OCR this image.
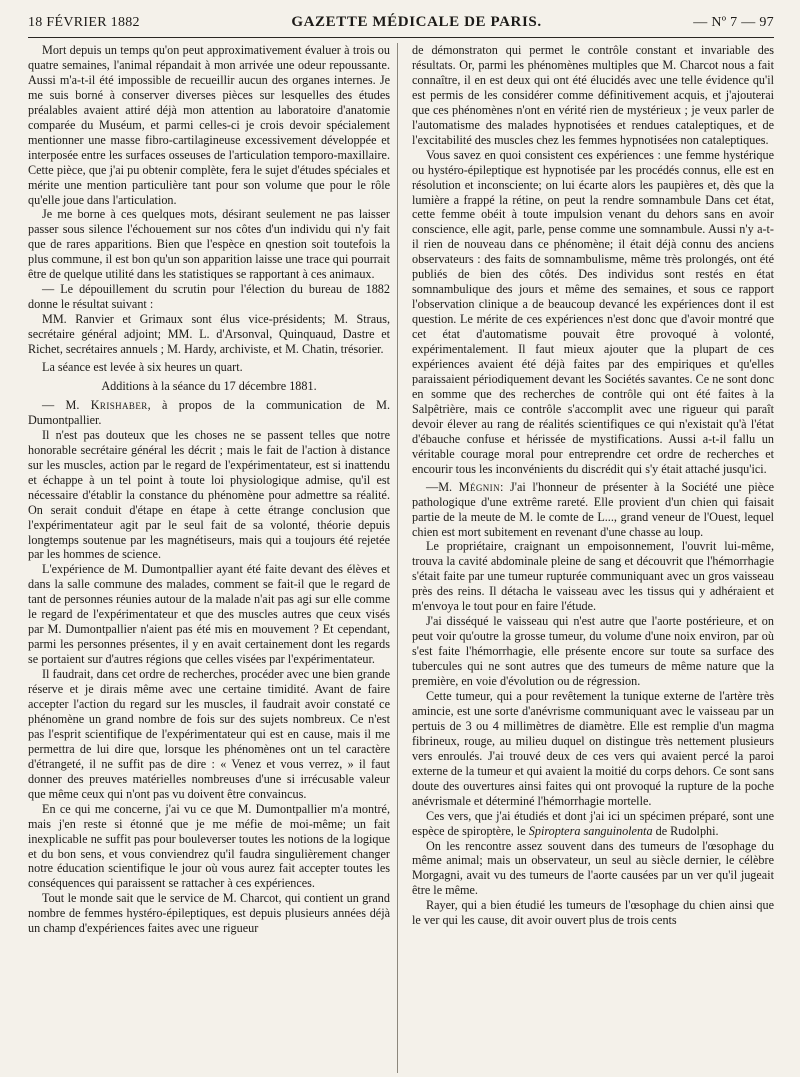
18 FÉVRIER 1882	GAZETTE MÉDICALE DE PARIS.	— Nº 7 — 97

Mort depuis un temps qu'on peut approximativement évaluer à trois ou quatre semaines, l'animal répandait à mon arrivée une odeur repoussante. Aussi m'a-t-il été impossible de recueillir aucun des organes internes. Je me suis borné à conserver diverses pièces sur lesquelles des études préalables avaient attiré déjà mon attention au laboratoire d'anatomie comparée du Muséum, et parmi celles-ci je crois devoir spécialement mentionner une masse fibro-cartilagineuse excessivement développée et interposée entre les surfaces osseuses de l'articulation temporo-maxillaire. Cette pièce, que j'ai pu obtenir complète, fera le sujet d'études spéciales et mérite une mention particulière tant pour son volume que pour le rôle qu'elle joue dans l'articulation.

Je me borne à ces quelques mots, désirant seulement ne pas laisser passer sous silence l'échouement sur nos côtes d'un individu qui n'y fait que de rares apparitions. Bien que l'espèce en qnestion soit toutefois la plus commune, il est bon qu'un son apparition laisse une trace qui pourrait être de quelque utilité dans les statistiques se rapportant à ces animaux.

— Le dépouillement du scrutin pour l'élection du bureau de 1882 donne le résultat suivant :

MM. Ranvier et Grimaux sont élus vice-présidents; M. Straus, secrétaire général adjoint; MM. L. d'Arsonval, Quinquaud, Dastre et Richet, secrétaires annuels ; M. Hardy, archiviste, et M. Chatin, trésorier.

La séance est levée à six heures un quart.

Additions à la séance du 17 décembre 1881.

— M. Krishaber, à propos de la communication de M. Dumontpallier.

Il n'est pas douteux que les choses ne se passent telles que notre honorable secrétaire général les décrit ; mais le fait de l'action à distance sur les muscles, action par le regard de l'expérimentateur, est si inattendu et échappe à un tel point à toute loi physiologique admise, qu'il est nécessaire d'établir la constance du phénomène pour admettre sa réalité. On serait conduit d'étape en étape à cette étrange conclusion que l'expérimentateur agit par le seul fait de sa volonté, théorie depuis longtemps soutenue par les magnétiseurs, mais qui a toujours été rejetée par les hommes de science.

L'expérience de M. Dumontpallier ayant été faite devant des élèves et dans la salle commune des malades, comment se fait-il que le regard de tant de personnes réunies autour de la malade n'ait pas agi sur elle comme le regard de l'expérimentateur et que des muscles autres que ceux visés par M. Dumontpallier n'aient pas été mis en mouvement ? Et cependant, parmi les personnes présentes, il y en avait certainement dont les regards se portaient sur d'autres régions que celles visées par l'expérimentateur.

Il faudrait, dans cet ordre de recherches, procéder avec une bien grande réserve et je dirais même avec une certaine timidité. Avant de faire accepter l'action du regard sur les muscles, il faudrait avoir constaté ce phénomène un grand nombre de fois sur des sujets nombreux. Ce n'est pas l'esprit scientifique de l'expérimentateur qui est en cause, mais il me permettra de lui dire que, lorsque les phénomènes ont un tel caractère d'étrangeté, il ne suffit pas de dire : « Venez et vous verrez, » il faut donner des preuves matérielles nombreuses d'une si irrécusable valeur que même ceux qui n'ont pas vu doivent être convaincus.

En ce qui me concerne, j'ai vu ce que M. Dumontpallier m'a montré, mais j'en reste si étonné que je me méfie de moi-même; un fait inexplicable ne suffit pas pour bouleverser toutes les notions de la logique et du bon sens, et vous conviendrez qu'il faudra singulièrement changer notre éducation scientifique le jour où vous aurez fait accepter toutes les conséquences qui paraissent se rattacher à ces expériences.

Tout le monde sait que le service de M. Charcot, qui contient un grand nombre de femmes hystéro-épileptiques, est depuis plusieurs années déjà un champ d'expériences faites avec une rigueur

de démonstraton qui permet le contrôle constant et invariable des résultats. Or, parmi les phénomènes multiples que M. Charcot nous a fait connaître, il en est deux qui ont été élucidés avec une telle évidence qu'il est permis de les considérer comme définitivement acquis, et j'ajouterai que ces phénomènes n'ont en vérité rien de mystérieux ; je veux parler de l'automatisme des malades hypnotisées et rendues cataleptiques, et de l'excitabilité des muscles chez les femmes hypnotisées non cataleptiques.

Vous savez en quoi consistent ces expériences : une femme hystérique ou hystéro-épileptique est hypnotisée par les procédés connus, elle est en résolution et inconsciente; on lui écarte alors les paupières et, dès que la lumière a frappé la rétine, on peut la rendre somnambule Dans cet état, cette femme obéit à toute impulsion venant du dehors sans en avoir conscience, elle agit, parle, pense comme une somnambule. Aussi n'y a-t-il rien de nouveau dans ce phénomène; il était déjà connu des anciens observateurs : des faits de somnambulisme, même très prolongés, ont été publiés de bien des côtés. Des individus sont restés en état somnambulique des jours et même des semaines, et sous ce rapport l'observation clinique a de beaucoup devancé les expériences dont il est question. Le mérite de ces expériences n'est donc que d'avoir montré que cet état d'automatisme pouvait être provoqué à volonté, expérimentalement. Il faut mieux ajouter que la plupart de ces expériences avaient été déjà faites par des empiriques et qu'elles paraissaient périodiquement devant les Sociétés savantes. Ce ne sont donc en somme que des recherches de contrôle qui ont été faites à la Salpêtrière, mais ce contrôle s'accomplit avec une rigueur qui paraît devoir élever au rang de réalités scientifiques ce qui n'existait qu'à l'état d'ébauche confuse et hérissée de mystifications. Aussi a-t-il fallu un véritable courage moral pour entreprendre cet ordre de recherches et encourir tous les inconvénients du discrédit qui s'y était attaché jusqu'ici.

—M. Mégnin: J'ai l'honneur de présenter à la Société une pièce pathologique d'une extrême rareté. Elle provient d'un chien qui faisait partie de la meute de M. le comte de L..., grand veneur de l'Ouest, lequel chien est mort subitement en revenant d'une chasse au loup.

Le propriétaire, craignant un empoisonnement, l'ouvrit lui-même, trouva la cavité abdominale pleine de sang et découvrit que l'hémorrhagie s'était faite par une tumeur rupturée communiquant avec un gros vaisseau près des reins. Il détacha le vaisseau avec les tissus qui y adhéraient et m'envoya le tout pour en faire l'étude.

J'ai disséqué le vaisseau qui n'est autre que l'aorte postérieure, et on peut voir qu'outre la grosse tumeur, du volume d'une noix environ, par où s'est faite l'hémorrhagie, elle présente encore sur toute sa surface des tubercules qui ne sont autres que des tumeurs de même nature que la première, en voie d'évolution ou de régression.

Cette tumeur, qui a pour revêtement la tunique externe de l'artère très amincie, est une sorte d'anévrisme communiquant avec le vaisseau par un pertuis de 3 ou 4 millimètres de diamètre. Elle est remplie d'un magma fibrineux, rouge, au milieu duquel on distingue très nettement plusieurs vers enroulés. J'ai trouvé deux de ces vers qui avaient percé la paroi externe de la tumeur et qui avaient la moitié du corps dehors. Ce sont sans doute des ouvertures ainsi faites qui ont provoqué la rupture de la poche anévrismale et déterminé l'hémorrhagie mortelle.

Ces vers, que j'ai étudiés et dont j'ai ici un spécimen préparé, sont une espèce de spiroptère, le Spiroptera sanguinolenta de Rudolphi.

On les rencontre assez souvent dans des tumeurs de l'œsophage du même animal; mais un observateur, un seul au siècle dernier, le célèbre Morgagni, avait vu des tumeurs de l'aorte causées par un ver qu'il jugeait être le même.

Rayer, qui a bien étudié les tumeurs de l'œsophage du chien ainsi que le ver qui les cause, dit avoir ouvert plus de trois cents
